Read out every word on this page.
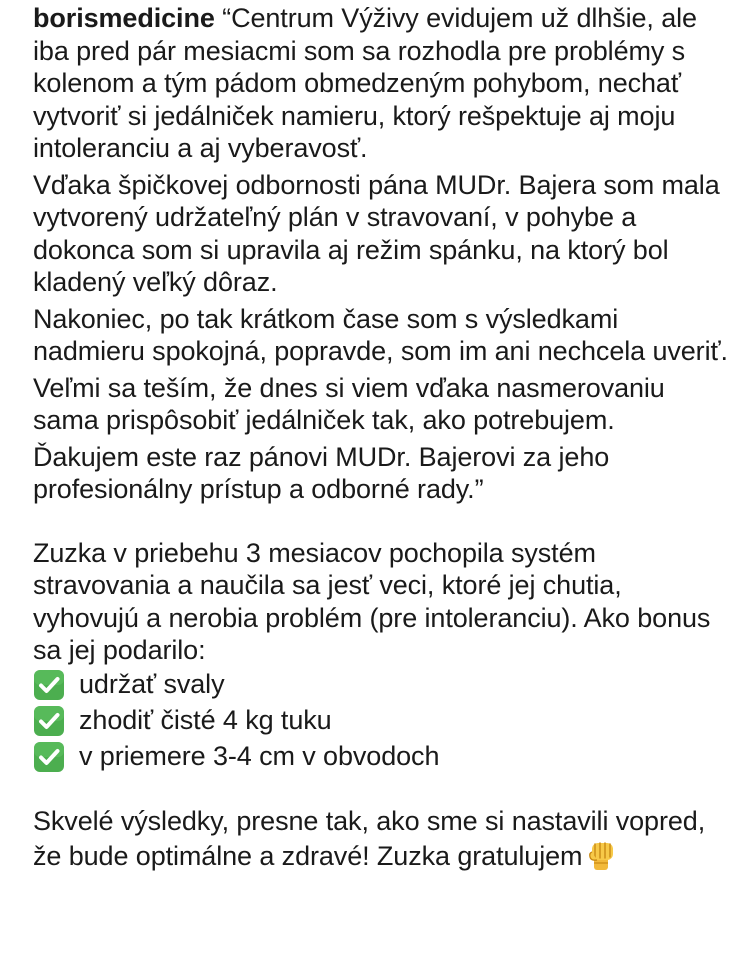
borismedicine “Centrum Výživy evidujem už dlhšie, ale iba pred pár mesiacmi som sa rozhodla pre problémy s kolenom a tým pádom obmedzeným pohybom, nechať vytvoriť si jedálniček namieru, ktorý rešpektuje aj moju intoleranciu a aj vyberavosť.

Vďaka špičkovej odbornosti pána MUDr. Bajera som mala vytvorený udržateľný plán v stravovaní, v pohybe a dokonca som si upravila aj režim spánku, na ktorý bol kladený veľký dôraz.

Nakoniec, po tak krátkom čase som s výsledkami nadmieru spokojná, popravde, som im ani nechcela uveriť.

Veľmi sa teším, že dnes si viem vďaka nasmerovaniu sama prispôsobiť jedálniček tak, ako potrebujem.

Ďakujem este raz pánovi MUDr. Bajerovi za jeho profesionálny prístup a odborné rady.”

Zuzka v priebehu 3 mesiacov pochopila systém stravovania a naučila sa jesť veci, ktoré jej chutia, vyhovujú a nerobia problém (pre intoleranciu). Ako bonus sa jej podarilo:

udržať svaly
zhodiť čisté 4 kg tuku
v priemere 3-4 cm v obvodoch

Skvelé výsledky, presne tak, ako sme si nastavili vopred, že bude optimálne a zdravé! Zuzka gratulujem
